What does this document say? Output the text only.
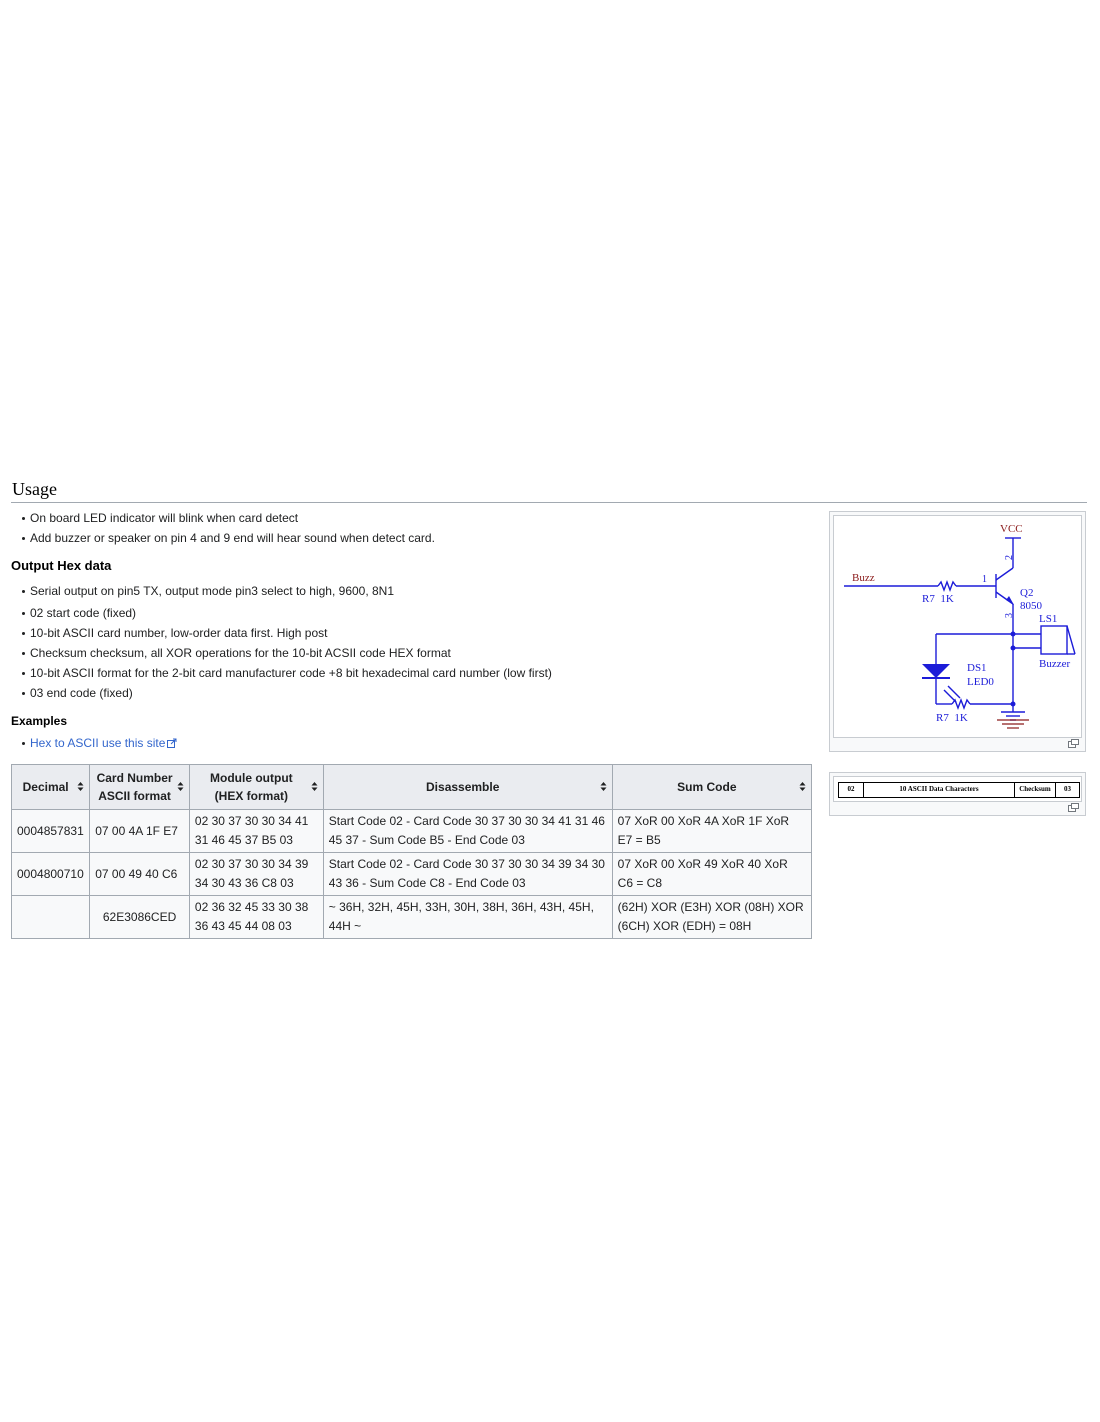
Usage
On board LED indicator will blink when card detect
Add buzzer or speaker on pin 4 and 9 end will hear sound when detect card.
Output Hex data
Serial output on pin5 TX, output mode pin3 select to high, 9600, 8N1
02 start code (fixed)
10-bit ASCII card number, low-order data first. High post
Checksum checksum, all XOR operations for the 10-bit ACSII code HEX format
10-bit ASCII format for the 2-bit card manufacturer code +8 bit hexadecimal card number (low first)
03 end code (fixed)
Examples
Hex to ASCII use this site
Decimal	Card Number ASCII format	Module output (HEX format)	Disassemble	Sum Code

0004857831	07 00 4A 1F E7	02 30 37 30 30 34 41 31 46 45 37 B5 03	Start Code 02 - Card Code 30 37 30 30 34 41 31 46 45 37 - Sum Code B5 - End Code 03	07 XoR 00 XoR 4A XoR 1F XoR E7 = B5
0004800710	07 00 49 40 C6	02 30 37 30 30 34 39 34 30 43 36 C8 03	Start Code 02 - Card Code 30 37 30 30 34 39 34 30 43 36 - Sum Code C8 - End Code 03	07 XoR 00 XoR 49 XoR 40 XoR C6 = C8
	62E3086CED	02 36 32 45 33 30 38 36 43 45 44 08 03	~ 36H, 32H, 45H, 33H, 30H, 38H, 36H, 43H, 45H, 44H ~	(62H) XOR (E3H) XOR (08H) XOR (6CH) XOR (EDH) = 08H
VCC
Buzz
R7  1K
1
2
3
Q2
8050
LS1
Buzzer
DS1
LED0
R7  1K
02	10 ASCII Data Characters	Checksum	03
